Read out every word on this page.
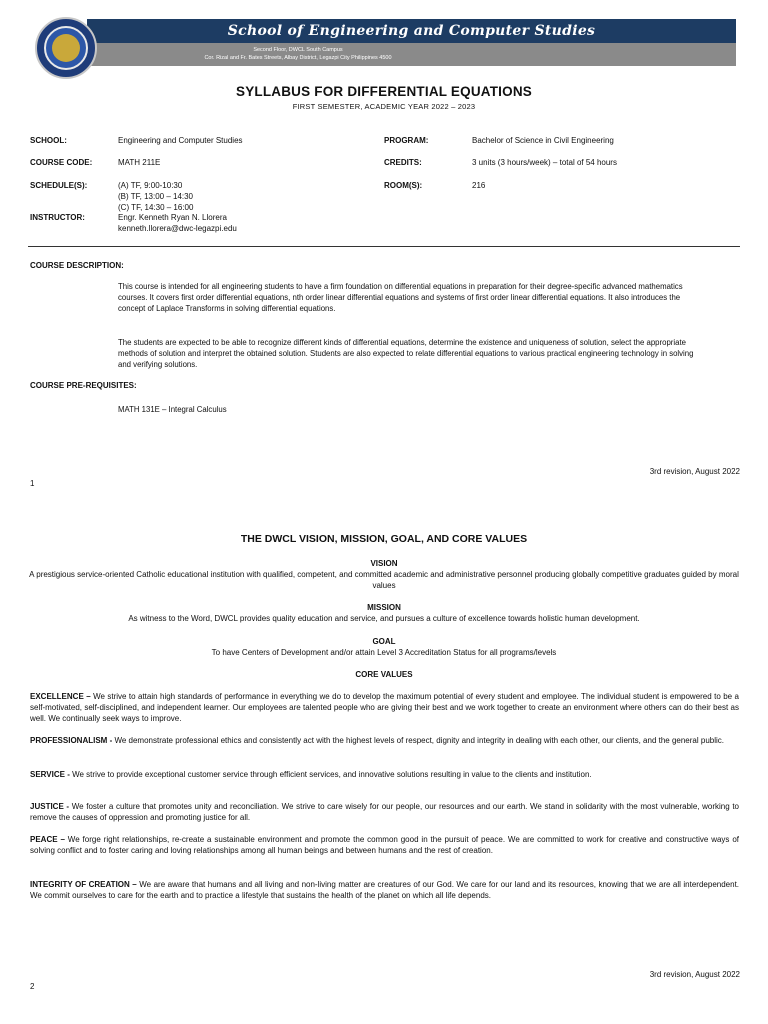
School of Engineering and Computer Studies
Second Floor, DWCL South Campus
Cor. Rizal and Fr. Bates Streets, Albay District, Legazpi City Philippines 4500
SYLLABUS FOR DIFFERENTIAL EQUATIONS
FIRST SEMESTER, ACADEMIC YEAR 2022 – 2023
SCHOOL:	Engineering and Computer Studies	PROGRAM:	Bachelor of Science in Civil Engineering
COURSE CODE:	MATH 211E	CREDITS:	3 units (3 hours/week) – total of 54 hours
SCHEDULE(S):	(A) TF, 9:00-10:30
(B) TF, 13:00 – 14:30
(C) TF, 14:30 – 16:00
ROOM(S):	216
INSTRUCTOR:	Engr. Kenneth Ryan N. Llorera
kenneth.llorera@dwc-legazpi.edu
COURSE DESCRIPTION:
This course is intended for all engineering students to have a firm foundation on differential equations in preparation for their degree-specific advanced mathematics courses. It covers first order differential equations, nth order linear differential equations and systems of first order linear differential equations. It also introduces the concept of Laplace Transforms in solving differential equations.
The students are expected to be able to recognize different kinds of differential equations, determine the existence and uniqueness of solution, select the appropriate methods of solution and interpret the obtained solution. Students are also expected to relate differential equations to various practical engineering technology in solving and verifying solutions.
COURSE PRE-REQUISITES:
MATH 131E – Integral Calculus
3rd revision, August 2022
1
THE DWCL VISION, MISSION, GOAL, AND CORE VALUES
VISION
A prestigious service-oriented Catholic educational institution with qualified, competent, and committed academic and administrative personnel producing globally competitive graduates guided by moral values
MISSION
As witness to the Word, DWCL provides quality education and service, and pursues a culture of excellence towards holistic human development.
GOAL
To have Centers of Development and/or attain Level 3 Accreditation Status for all programs/levels
CORE VALUES
EXCELLENCE – We strive to attain high standards of performance in everything we do to develop the maximum potential of every student and employee. The individual student is empowered to be a self-motivated, self-disciplined, and independent learner. Our employees are talented people who are giving their best and we work together to create an environment where others can do their best as well. We continually seek ways to improve.
PROFESSIONALISM - We demonstrate professional ethics and consistently act with the highest levels of respect, dignity and integrity in dealing with each other, our clients, and the general public.
SERVICE - We strive to provide exceptional customer service through efficient services, and innovative solutions resulting in value to the clients and institution.
JUSTICE - We foster a culture that promotes unity and reconciliation. We strive to care wisely for our people, our resources and our earth. We stand in solidarity with the most vulnerable, working to remove the causes of oppression and promoting justice for all.
PEACE – We forge right relationships, re-create a sustainable environment and promote the common good in the pursuit of peace. We are committed to work for creative and constructive ways of solving conflict and to foster caring and loving relationships among all human beings and between humans and the rest of creation.
INTEGRITY OF CREATION – We are aware that humans and all living and non-living matter are creatures of our God. We care for our land and its resources, knowing that we are all interdependent. We commit ourselves to care for the earth and to practice a lifestyle that sustains the health of the planet on which all life depends.
3rd revision, August 2022
2
